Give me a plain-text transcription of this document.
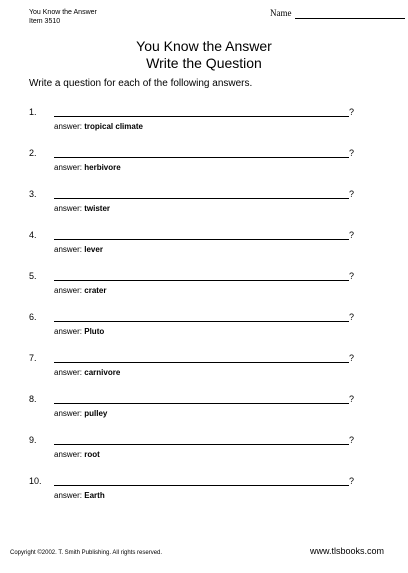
You Know the Answer
Item 3510
Name
You Know the Answer
Write the Question
Write a question for each of the following answers.
1.	?
answer: tropical climate
2.	?
answer: herbivore
3.	?
answer: twister
4.	?
answer: lever
5.	?
answer: crater
6.	?
answer: Pluto
7.	?
answer: carnivore
8.	?
answer: pulley
9.	?
answer: root
10.	?
answer: Earth
Copyright ©2002. T. Smith Publishing. All rights reserved.	www.tlsbooks.com
